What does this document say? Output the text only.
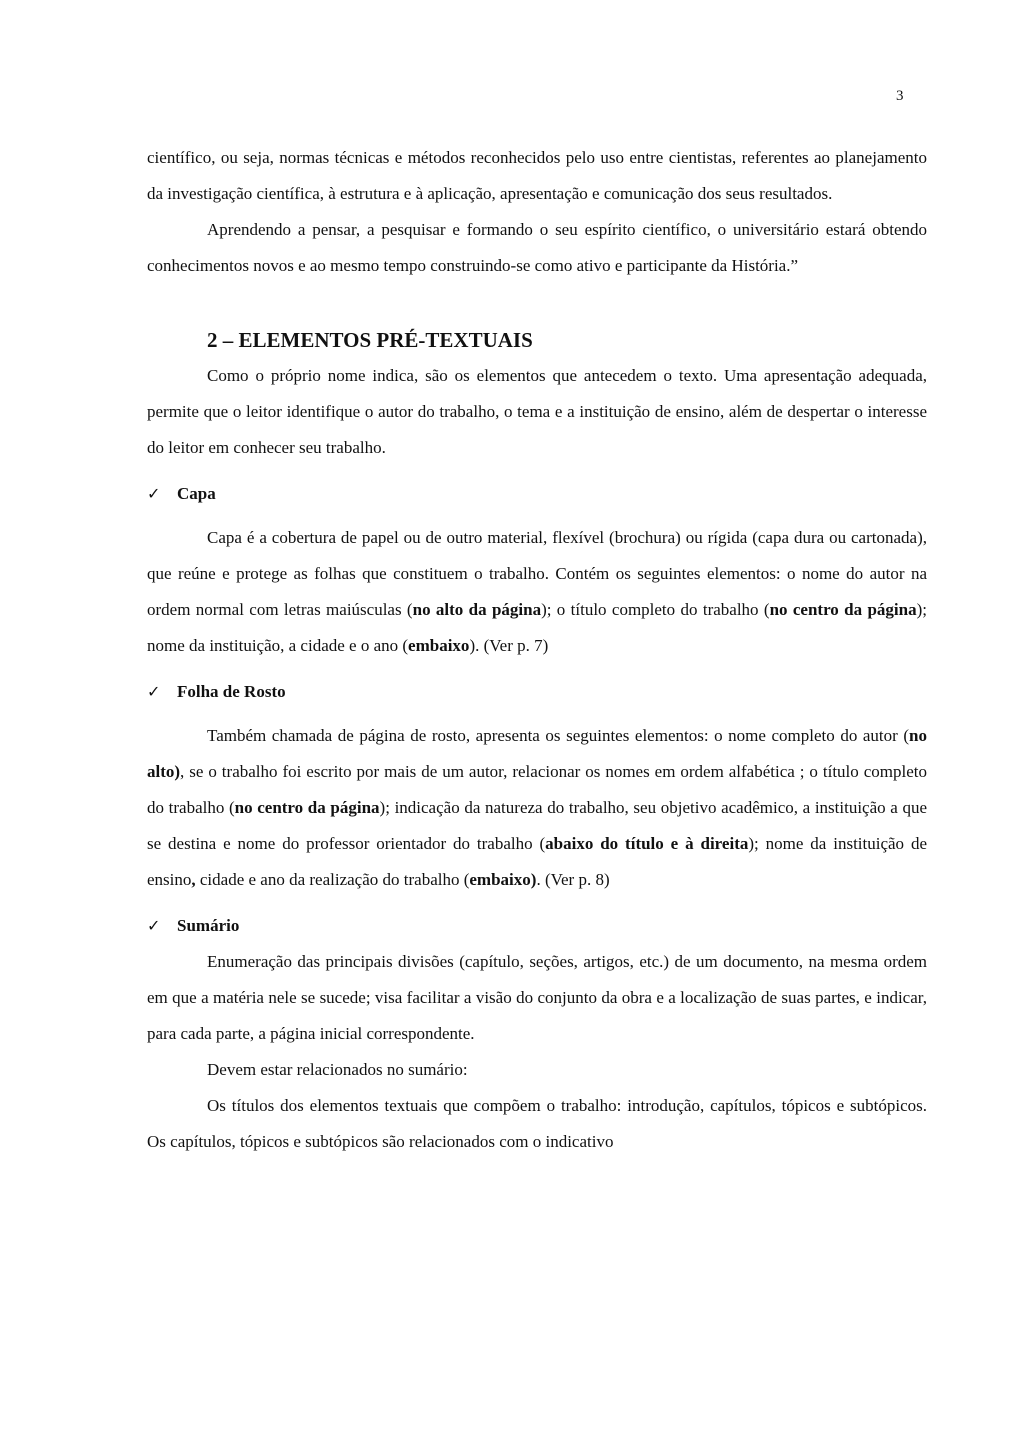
3

científico, ou seja, normas técnicas e métodos reconhecidos pelo uso entre cientistas, referentes ao planejamento da investigação científica, à estrutura e à aplicação, apresentação e comunicação dos seus resultados.

Aprendendo a pensar, a pesquisar e formando o seu espírito científico, o universitário estará obtendo conhecimentos novos e ao mesmo tempo construindo-se como ativo e participante da História.”

2 – ELEMENTOS PRÉ-TEXTUAIS

Como o próprio nome indica, são os elementos que antecedem o texto. Uma apresentação adequada, permite que o leitor identifique o autor do trabalho, o tema e a instituição de ensino, além de despertar o interesse do leitor em conhecer seu trabalho.

✓ Capa

Capa é a cobertura de papel ou de outro material, flexível (brochura) ou rígida (capa dura ou cartonada), que reúne e protege as folhas que constituem o trabalho. Contém os seguintes elementos: o nome do autor na ordem normal com letras maiúsculas (no alto da página); o título completo do trabalho (no centro da página); nome da instituição, a cidade e o ano (embaixo). (Ver p. 7)

✓ Folha de Rosto

Também chamada de página de rosto, apresenta os seguintes elementos: o nome completo do autor (no alto), se o trabalho foi escrito por mais de um autor, relacionar os nomes em ordem alfabética ; o título completo do trabalho (no centro da página); indicação da natureza do trabalho, seu objetivo acadêmico, a instituição a que se destina e nome do professor orientador do trabalho (abaixo do título e à direita); nome da instituição de ensino, cidade e ano da realização do trabalho (embaixo). (Ver p. 8)

✓ Sumário

Enumeração das principais divisões (capítulo, seções, artigos, etc.) de um documento, na mesma ordem em que a matéria nele se sucede; visa facilitar a visão do conjunto da obra e a localização de suas partes, e indicar, para cada parte, a página inicial correspondente.

Devem estar relacionados no sumário:

Os títulos dos elementos textuais que compõem o trabalho: introdução, capítulos, tópicos e subtópicos. Os capítulos, tópicos e subtópicos são relacionados com o indicativo
